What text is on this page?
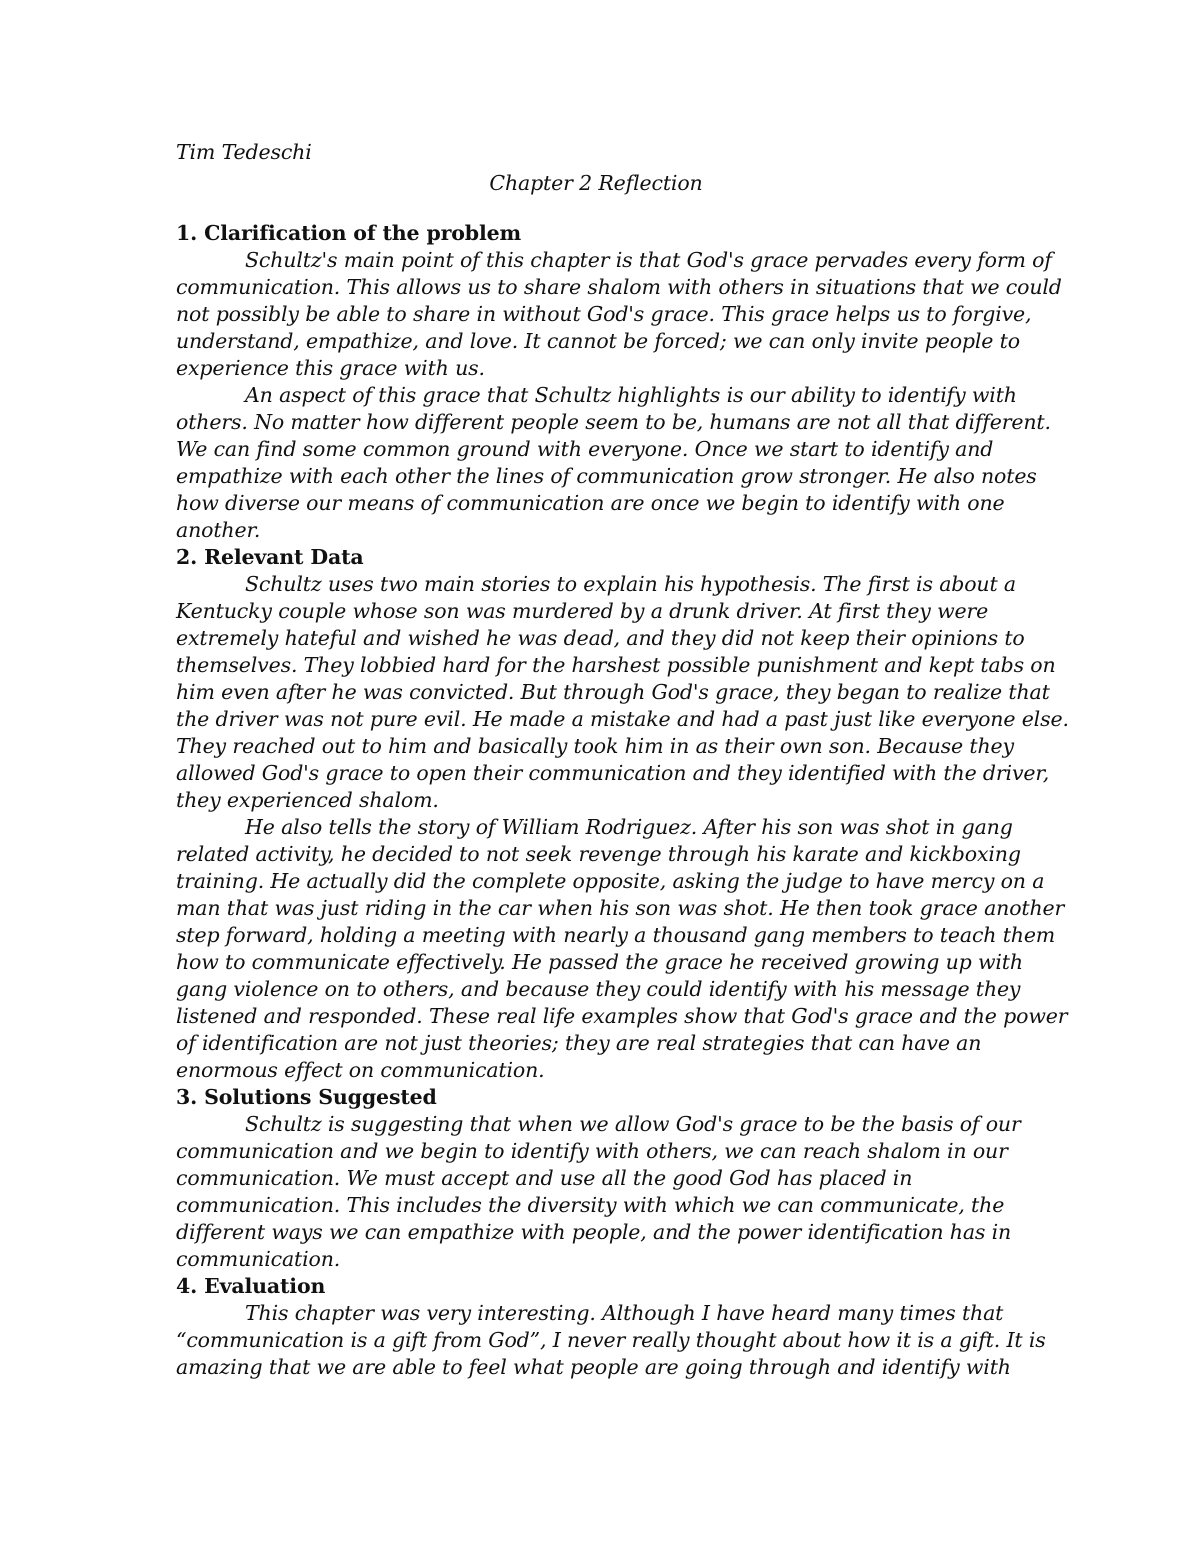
Tim Tedeschi
Chapter 2 Reflection
1. Clarification of the problem
Schultz's main point of this chapter is that God's grace pervades every form of
communication. This allows us to share shalom with others in situations that we could
not possibly be able to share in without God's grace. This grace helps us to forgive,
understand, empathize, and love. It cannot be forced; we can only invite people to
experience this grace with us.
An aspect of this grace that Schultz highlights is our ability to identify with
others. No matter how different people seem to be, humans are not all that different.
We can find some common ground with everyone. Once we start to identify and
empathize with each other the lines of communication grow stronger. He also notes
how diverse our means of communication are once we begin to identify with one
another.
2. Relevant Data
Schultz uses two main stories to explain his hypothesis. The first is about a
Kentucky couple whose son was murdered by a drunk driver. At first they were
extremely hateful and wished he was dead, and they did not keep their opinions to
themselves. They lobbied hard for the harshest possible punishment and kept tabs on
him even after he was convicted. But through God's grace, they began to realize that
the driver was not pure evil. He made a mistake and had a past just like everyone else.
They reached out to him and basically took him in as their own son. Because they
allowed God's grace to open their communication and they identified with the driver,
they experienced shalom.
He also tells the story of William Rodriguez. After his son was shot in gang
related activity, he decided to not seek revenge through his karate and kickboxing
training. He actually did the complete opposite, asking the judge to have mercy on a
man that was just riding in the car when his son was shot. He then took grace another
step forward, holding a meeting with nearly a thousand gang members to teach them
how to communicate effectively. He passed the grace he received growing up with
gang violence on to others, and because they could identify with his message they
listened and responded. These real life examples show that God's grace and the power
of identification are not just theories; they are real strategies that can have an
enormous effect on communication.
3. Solutions Suggested
Schultz is suggesting that when we allow God's grace to be the basis of our
communication and we begin to identify with others, we can reach shalom in our
communication. We must accept and use all the good God has placed in
communication. This includes the diversity with which we can communicate, the
different ways we can empathize with people, and the power identification has in
communication.
4. Evaluation
This chapter was very interesting. Although I have heard many times that
“communication is a gift from God”, I never really thought about how it is a gift. It is
amazing that we are able to feel what people are going through and identify with
